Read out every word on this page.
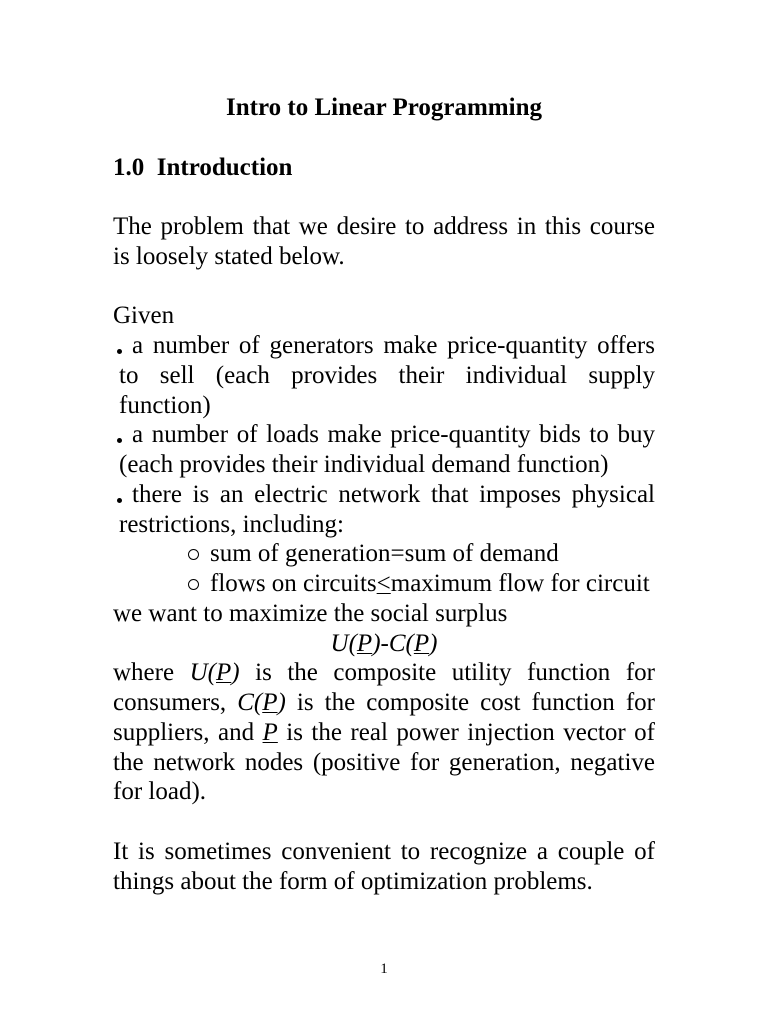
Intro to Linear Programming
1.0  Introduction
The problem that we desire to address in this course
is loosely stated below.
Given
a number of generators make price-quantity offers
to sell (each provides their individual supply
function)
a number of loads make price-quantity bids to buy
(each provides their individual demand function)
there is an electric network that imposes physical
restrictions, including:
sum of generation=sum of demand
flows on circuits<maximum flow for circuit
we want to maximize the social surplus
U(P)-C(P)
where U(P) is the composite utility function for
consumers, C(P) is the composite cost function for
suppliers, and P is the real power injection vector of
the network nodes (positive for generation, negative
for load).
It is sometimes convenient to recognize a couple of
things about the form of optimization problems.
1
